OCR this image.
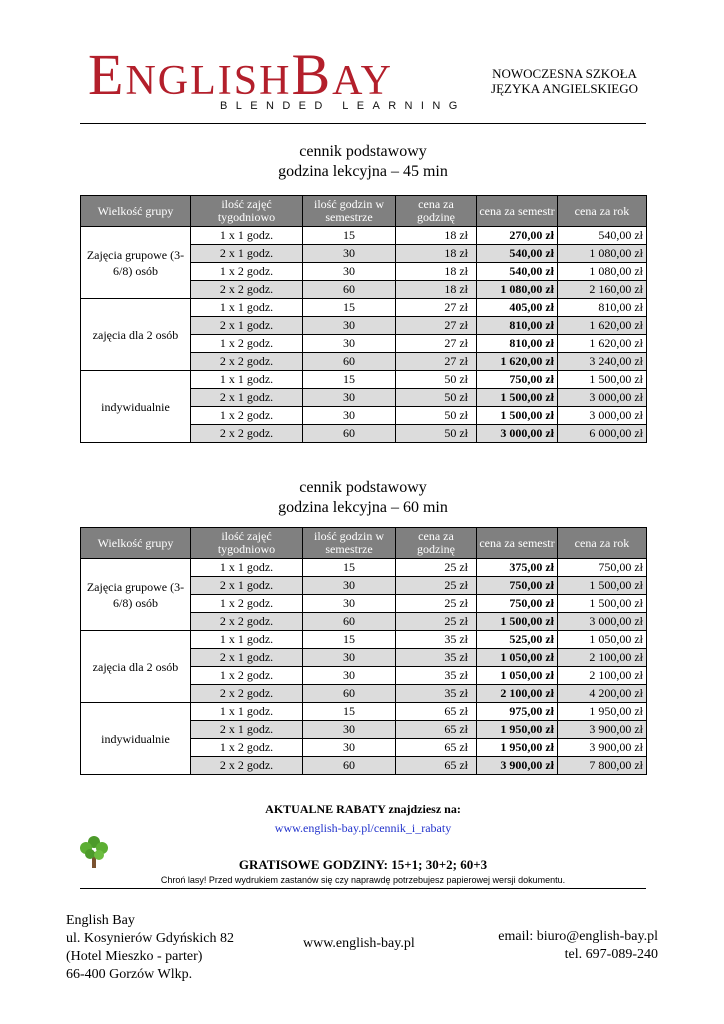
ENGLISHBAY
BLENDED LEARNING
NOWOCZESNA SZKOŁA
JĘZYKA ANGIELSKIEGO
cennik podstawowy
godzina lekcyjna – 45 min
Wielkość grupy	ilość zajęć tygodniowo	ilość godzin w semestrze	cena za godzinę	cena za semestr	cena za rok
Zajęcia grupowe (3-6/8) osób	1 x 1 godz.	15	18 zł	270,00 zł	540,00 zł
	2 x 1 godz.	30	18 zł	540,00 zł	1 080,00 zł
	1 x 2 godz.	30	18 zł	540,00 zł	1 080,00 zł
	2 x 2 godz.	60	18 zł	1 080,00 zł	2 160,00 zł
zajęcia dla 2 osób	1 x 1 godz.	15	27 zł	405,00 zł	810,00 zł
	2 x 1 godz.	30	27 zł	810,00 zł	1 620,00 zł
	1 x 2 godz.	30	27 zł	810,00 zł	1 620,00 zł
	2 x 2 godz.	60	27 zł	1 620,00 zł	3 240,00 zł
indywidualnie	1 x 1 godz.	15	50 zł	750,00 zł	1 500,00 zł
	2 x 1 godz.	30	50 zł	1 500,00 zł	3 000,00 zł
	1 x 2 godz.	30	50 zł	1 500,00 zł	3 000,00 zł
	2 x 2 godz.	60	50 zł	3 000,00 zł	6 000,00 zł
cennik podstawowy
godzina lekcyjna – 60 min
Wielkość grupy	ilość zajęć tygodniowo	ilość godzin w semestrze	cena za godzinę	cena za semestr	cena za rok
Zajęcia grupowe (3-6/8) osób	1 x 1 godz.	15	25 zł	375,00 zł	750,00 zł
	2 x 1 godz.	30	25 zł	750,00 zł	1 500,00 zł
	1 x 2 godz.	30	25 zł	750,00 zł	1 500,00 zł
	2 x 2 godz.	60	25 zł	1 500,00 zł	3 000,00 zł
zajęcia dla 2 osób	1 x 1 godz.	15	35 zł	525,00 zł	1 050,00 zł
	2 x 1 godz.	30	35 zł	1 050,00 zł	2 100,00 zł
	1 x 2 godz.	30	35 zł	1 050,00 zł	2 100,00 zł
	2 x 2 godz.	60	35 zł	2 100,00 zł	4 200,00 zł
indywidualnie	1 x 1 godz.	15	65 zł	975,00 zł	1 950,00 zł
	2 x 1 godz.	30	65 zł	1 950,00 zł	3 900,00 zł
	1 x 2 godz.	30	65 zł	1 950,00 zł	3 900,00 zł
	2 x 2 godz.	60	65 zł	3 900,00 zł	7 800,00 zł
AKTUALNE RABATY znajdziesz na:
www.english-bay.pl/cennik_i_rabaty
GRATISOWE GODZINY: 15+1; 30+2; 60+3
Chroń lasy! Przed wydrukiem zastanów się czy naprawdę potrzebujesz papierowej wersji dokumentu.
English Bay
ul. Kosynierów Gdyńskich 82
(Hotel Mieszko - parter)
66-400 Gorzów Wlkp.
www.english-bay.pl	email: biuro@english-bay.pl
tel. 697-089-240
